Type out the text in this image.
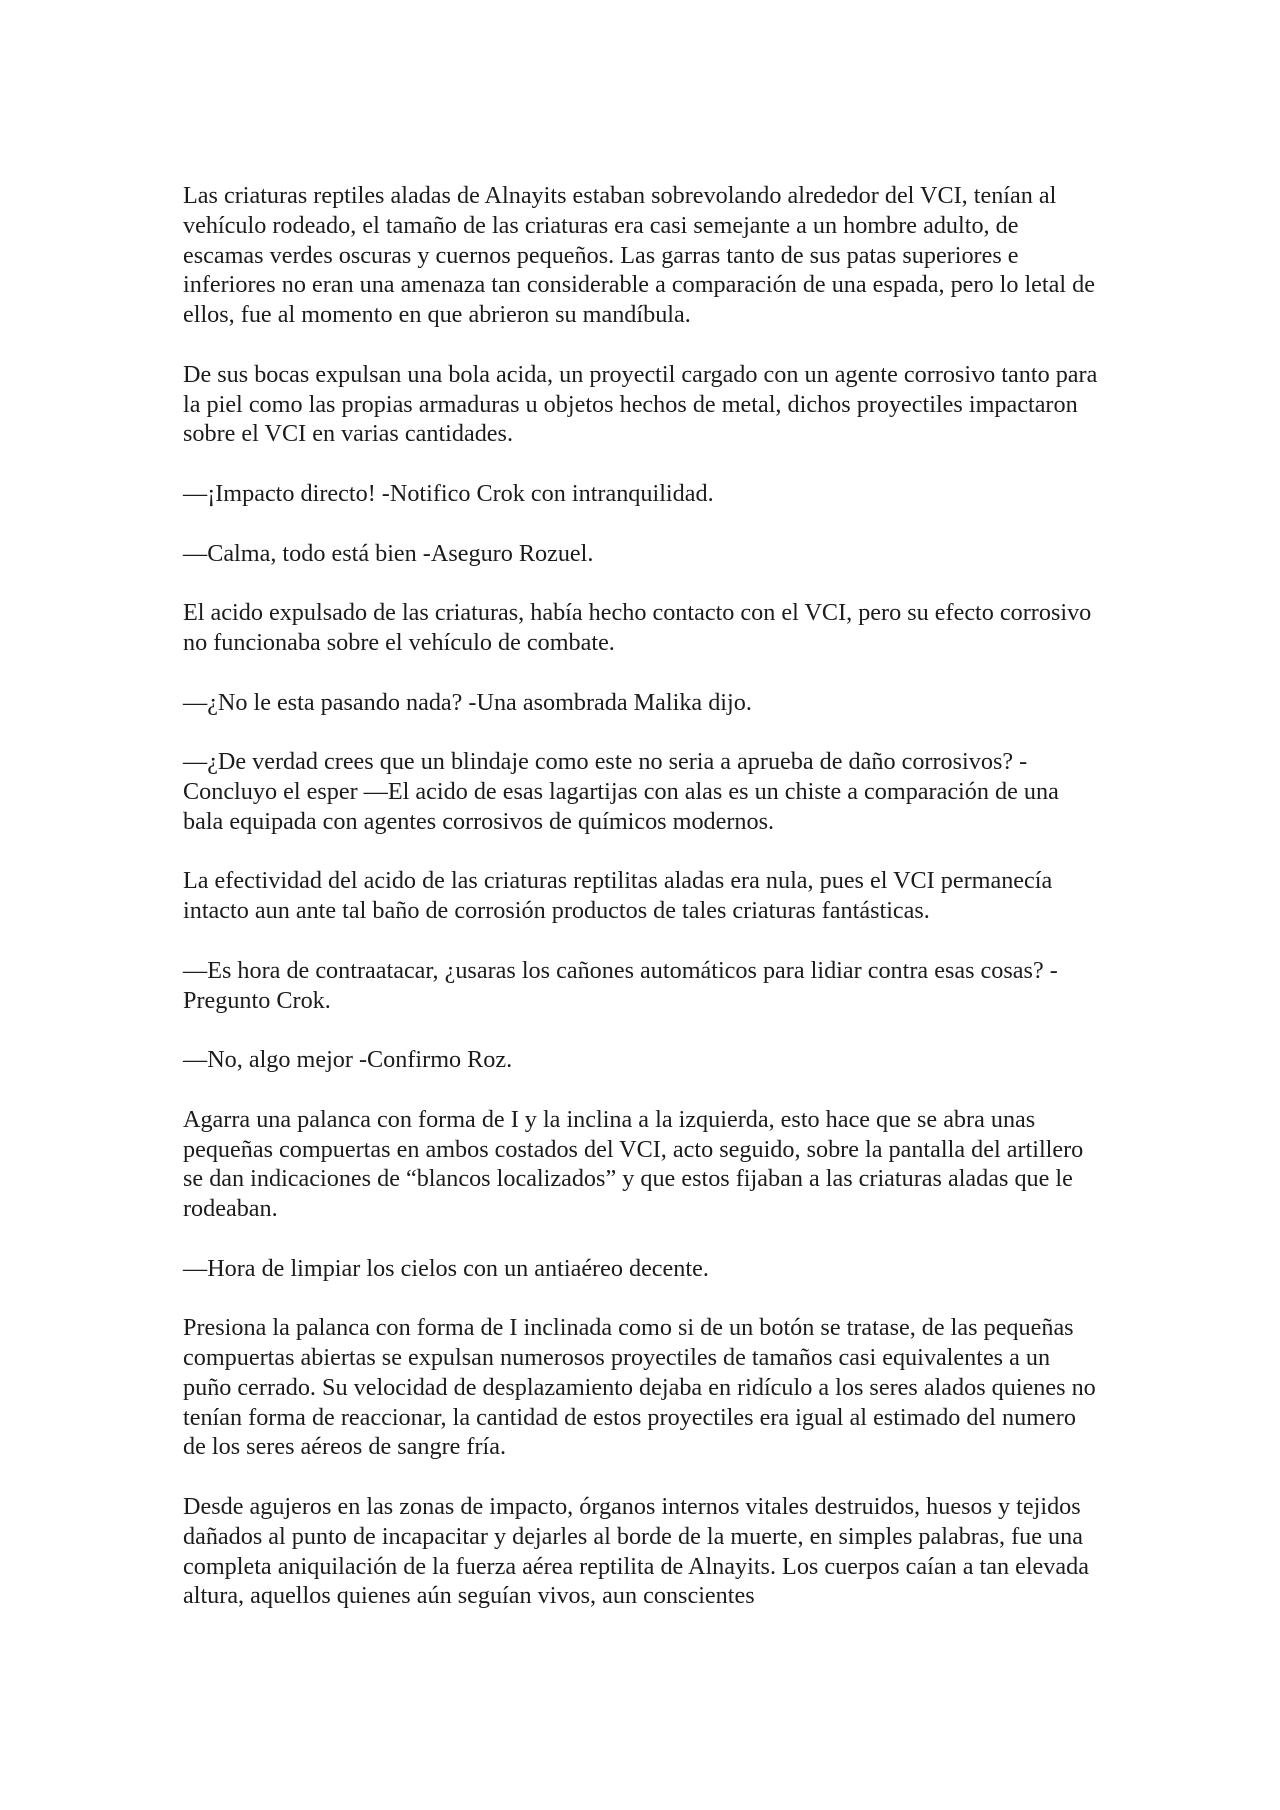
Las criaturas reptiles aladas de Alnayits estaban sobrevolando alrededor del VCI, tenían al vehículo rodeado, el tamaño de las criaturas era casi semejante a un hombre adulto, de escamas verdes oscuras y cuernos pequeños. Las garras tanto de sus patas superiores e inferiores no eran una amenaza tan considerable a comparación de una espada, pero lo letal de ellos, fue al momento en que abrieron su mandíbula.

De sus bocas expulsan una bola acida, un proyectil cargado con un agente corrosivo tanto para la piel como las propias armaduras u objetos hechos de metal, dichos proyectiles impactaron sobre el VCI en varias cantidades.

—¡Impacto directo! -Notifico Crok con intranquilidad.

—Calma, todo está bien -Aseguro Rozuel.

El acido expulsado de las criaturas, había hecho contacto con el VCI, pero su efecto corrosivo no funcionaba sobre el vehículo de combate.

—¿No le esta pasando nada? -Una asombrada Malika dijo.

—¿De verdad crees que un blindaje como este no seria a aprueba de daño corrosivos? -Concluyo el esper —El acido de esas lagartijas con alas es un chiste a comparación de una bala equipada con agentes corrosivos de químicos modernos.

La efectividad del acido de las criaturas reptilitas aladas era nula, pues el VCI permanecía intacto aun ante tal baño de corrosión productos de tales criaturas fantásticas.

—Es hora de contraatacar, ¿usaras los cañones automáticos para lidiar contra esas cosas? -Pregunto Crok.

—No, algo mejor -Confirmo Roz.

Agarra una palanca con forma de I y la inclina a la izquierda, esto hace que se abra unas pequeñas compuertas en ambos costados del VCI, acto seguido, sobre la pantalla del artillero se dan indicaciones de “blancos localizados” y que estos fijaban a las criaturas aladas que le rodeaban.

—Hora de limpiar los cielos con un antiaéreo decente.

Presiona la palanca con forma de I inclinada como si de un botón se tratase, de las pequeñas compuertas abiertas se expulsan numerosos proyectiles de tamaños casi equivalentes a un puño cerrado. Su velocidad de desplazamiento dejaba en ridículo a los seres alados quienes no tenían forma de reaccionar, la cantidad de estos proyectiles era igual al estimado del numero de los seres aéreos de sangre fría.

Desde agujeros en las zonas de impacto, órganos internos vitales destruidos, huesos y tejidos dañados al punto de incapacitar y dejarles al borde de la muerte, en simples palabras, fue una completa aniquilación de la fuerza aérea reptilita de Alnayits. Los cuerpos caían a tan elevada altura, aquellos quienes aún seguían vivos, aun conscientes
